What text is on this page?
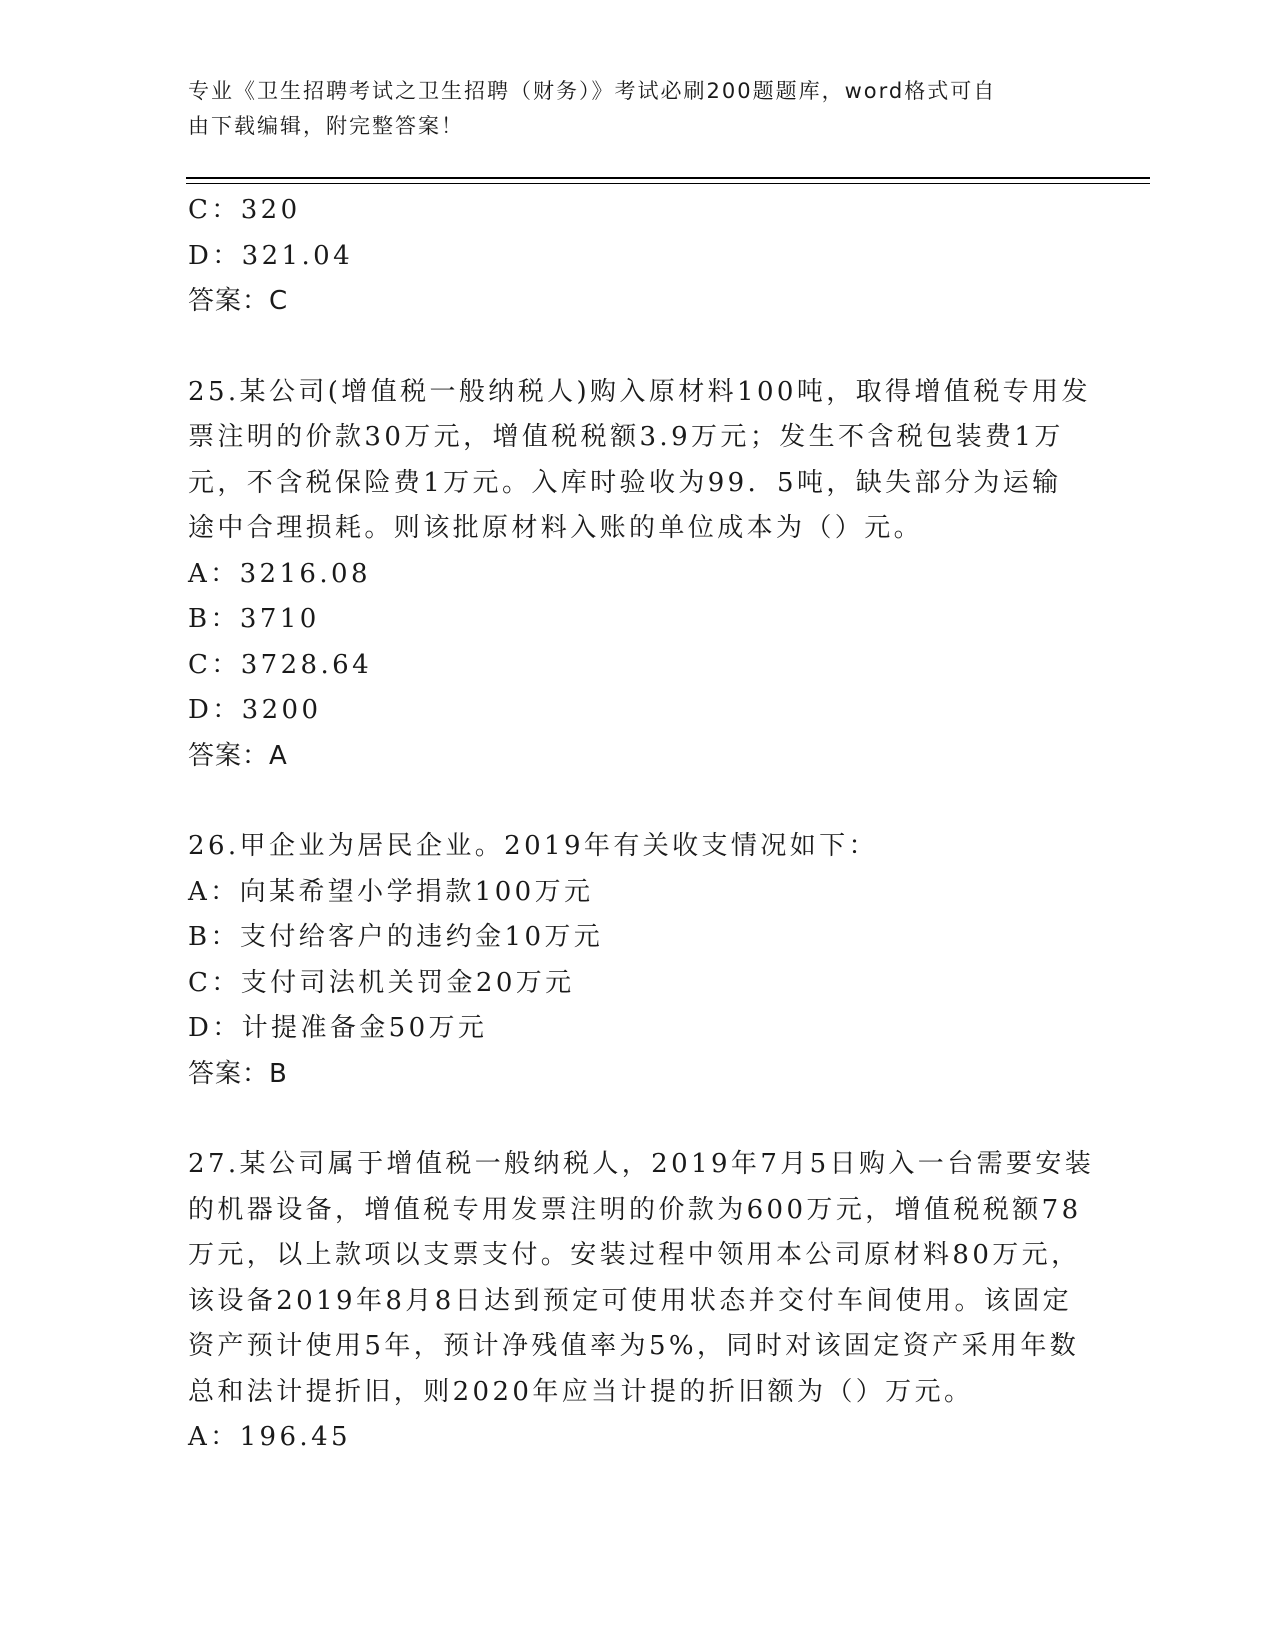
专业《卫生招聘考试之卫生招聘（财务）》考试必刷200题题库，word格式可自
由下载编辑，附完整答案！
C：320
D：321.04
答案：C
25.某公司(增值税一般纳税人)购入原材料100吨，取得增值税专用发
票注明的价款30万元，增值税税额3.9万元；发生不含税包装费1万
元，不含税保险费1万元。入库时验收为99．5吨，缺失部分为运输
途中合理损耗。则该批原材料入账的单位成本为（）元。
A：3216.08
B：3710
C：3728.64
D：3200
答案：A
26.甲企业为居民企业。2019年有关收支情况如下：
A：向某希望小学捐款100万元
B：支付给客户的违约金10万元
C：支付司法机关罚金20万元
D：计提准备金50万元
答案：B
27.某公司属于增值税一般纳税人，2019年7月5日购入一台需要安装
的机器设备，增值税专用发票注明的价款为600万元，增值税税额78
万元，以上款项以支票支付。安装过程中领用本公司原材料80万元，
该设备2019年8月8日达到预定可使用状态并交付车间使用。该固定
资产预计使用5年，预计净残值率为5%，同时对该固定资产采用年数
总和法计提折旧，则2020年应当计提的折旧额为（）万元。
A：196.45
